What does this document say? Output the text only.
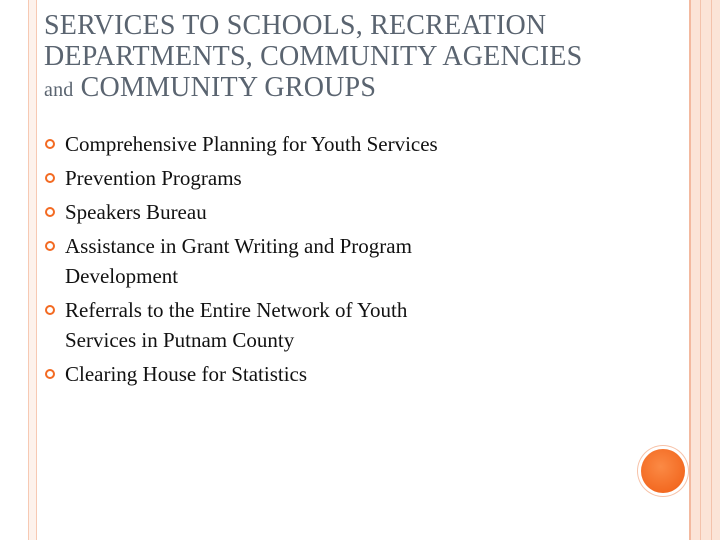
SERVICES TO SCHOOLS, RECREATION
DEPARTMENTS, COMMUNITY AGENCIES
and COMMUNITY GROUPS
Comprehensive Planning for Youth Services
Prevention Programs
Speakers Bureau
Assistance in Grant Writing and Program
Development
Referrals to the Entire Network of Youth
Services in Putnam County
Clearing House for Statistics
